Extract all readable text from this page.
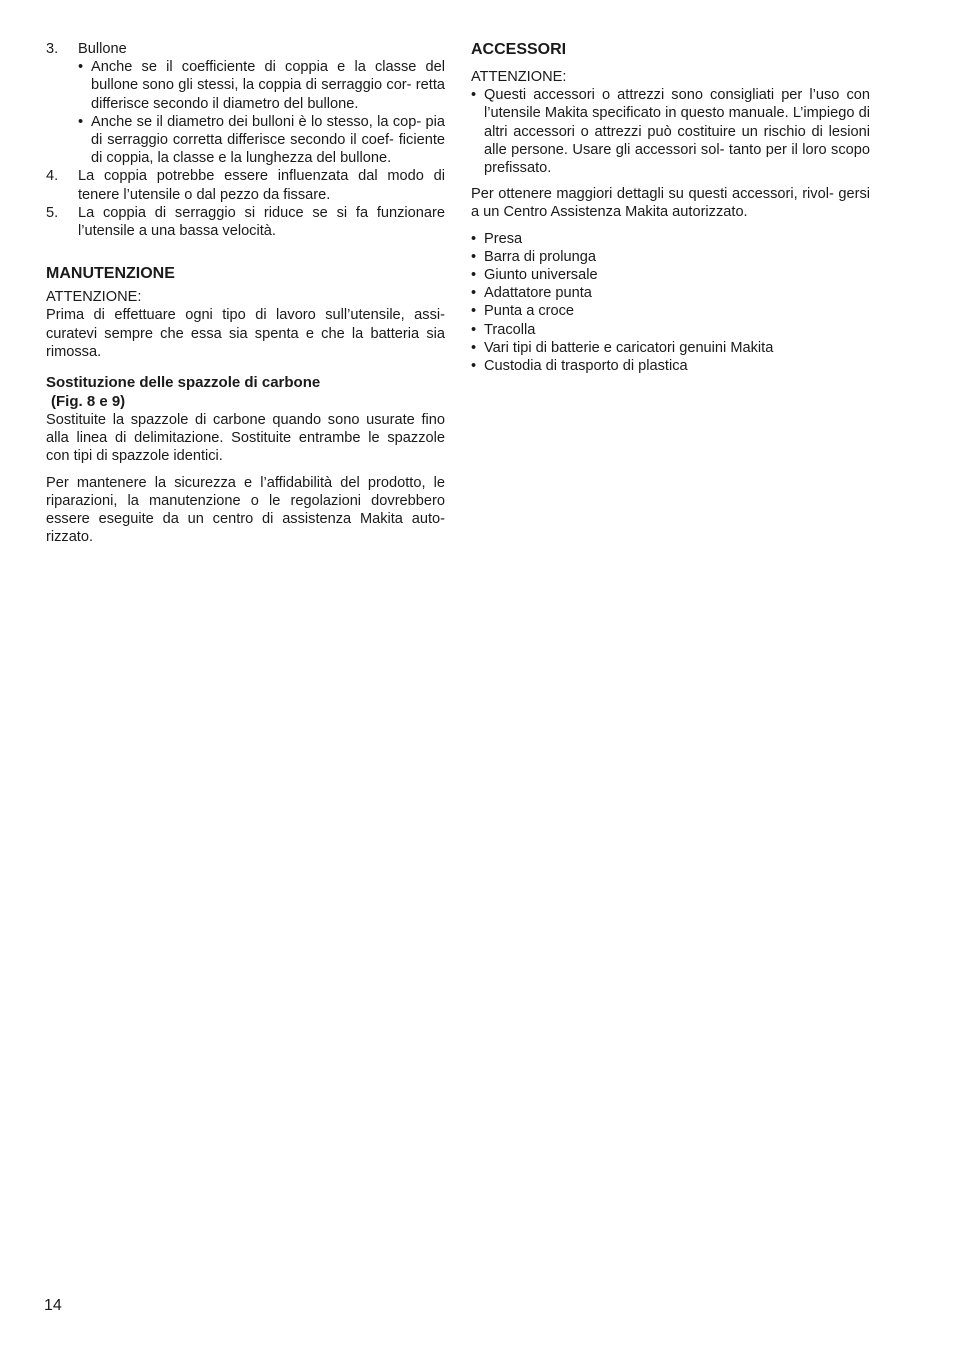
3.	Bullone

• Anche se il coefficiente di coppia e la classe del bullone sono gli stessi, la coppia di serraggio cor- retta differisce secondo il diametro del bullone.

• Anche se il diametro dei bulloni è lo stesso, la cop- pia di serraggio corretta differisce secondo il coef- ficiente di coppia, la classe e la lunghezza del bullone.

4.	La coppia potrebbe essere influenzata dal modo di tenere l’utensile o dal pezzo da fissare.

5.	La coppia di serraggio si riduce se si fa funzionare l’utensile a una bassa velocità.

MANUTENZIONE

ATTENZIONE:

Prima di effettuare ogni tipo di lavoro sull’utensile, assi- curatevi sempre che essa sia spenta e che la batteria sia rimossa.

Sostituzione delle spazzole di carbone
(Fig. 8 e 9)

Sostituite la spazzole di carbone quando sono usurate fino alla linea di delimitazione. Sostituite entrambe le spazzole con tipi di spazzole identici.

Per mantenere la sicurezza e l’affidabilità del prodotto, le riparazioni, la manutenzione o le regolazioni dovrebbero essere eseguite da un centro di assistenza Makita auto- rizzato.

ACCESSORI

ATTENZIONE:

• Questi accessori o attrezzi sono consigliati per l’uso con l’utensile Makita specificato in questo manuale. L’impiego di altri accessori o attrezzi può costituire un rischio di lesioni alle persone. Usare gli accessori sol- tanto per il loro scopo prefissato.

Per ottenere maggiori dettagli su questi accessori, rivol- gersi a un Centro Assistenza Makita autorizzato.

• Presa
• Barra di prolunga
• Giunto universale
• Adattatore punta
• Punta a croce
• Tracolla
• Vari tipi di batterie e caricatori genuini Makita
• Custodia di trasporto di plastica
14
